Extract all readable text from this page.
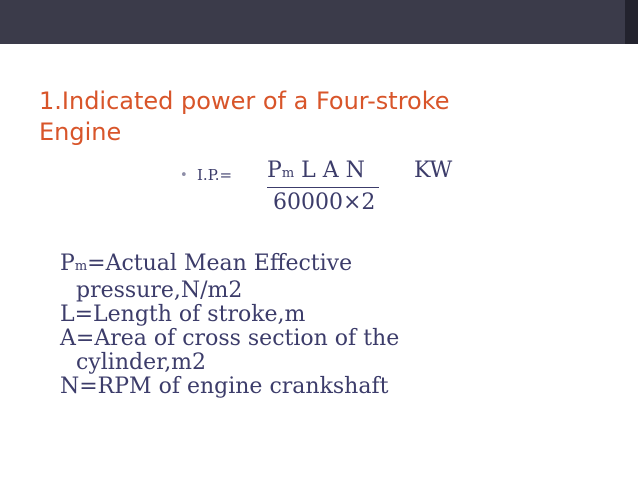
1.Indicated power of a Four-stroke
Engine
• I.P.= Pm L A N	KW
60000×2

Pm=Actual Mean Effective

pressure,N/m2

L=Length of stroke,m

A=Area of cross section of the

cylinder,m2

N=RPM of engine crankshaft
